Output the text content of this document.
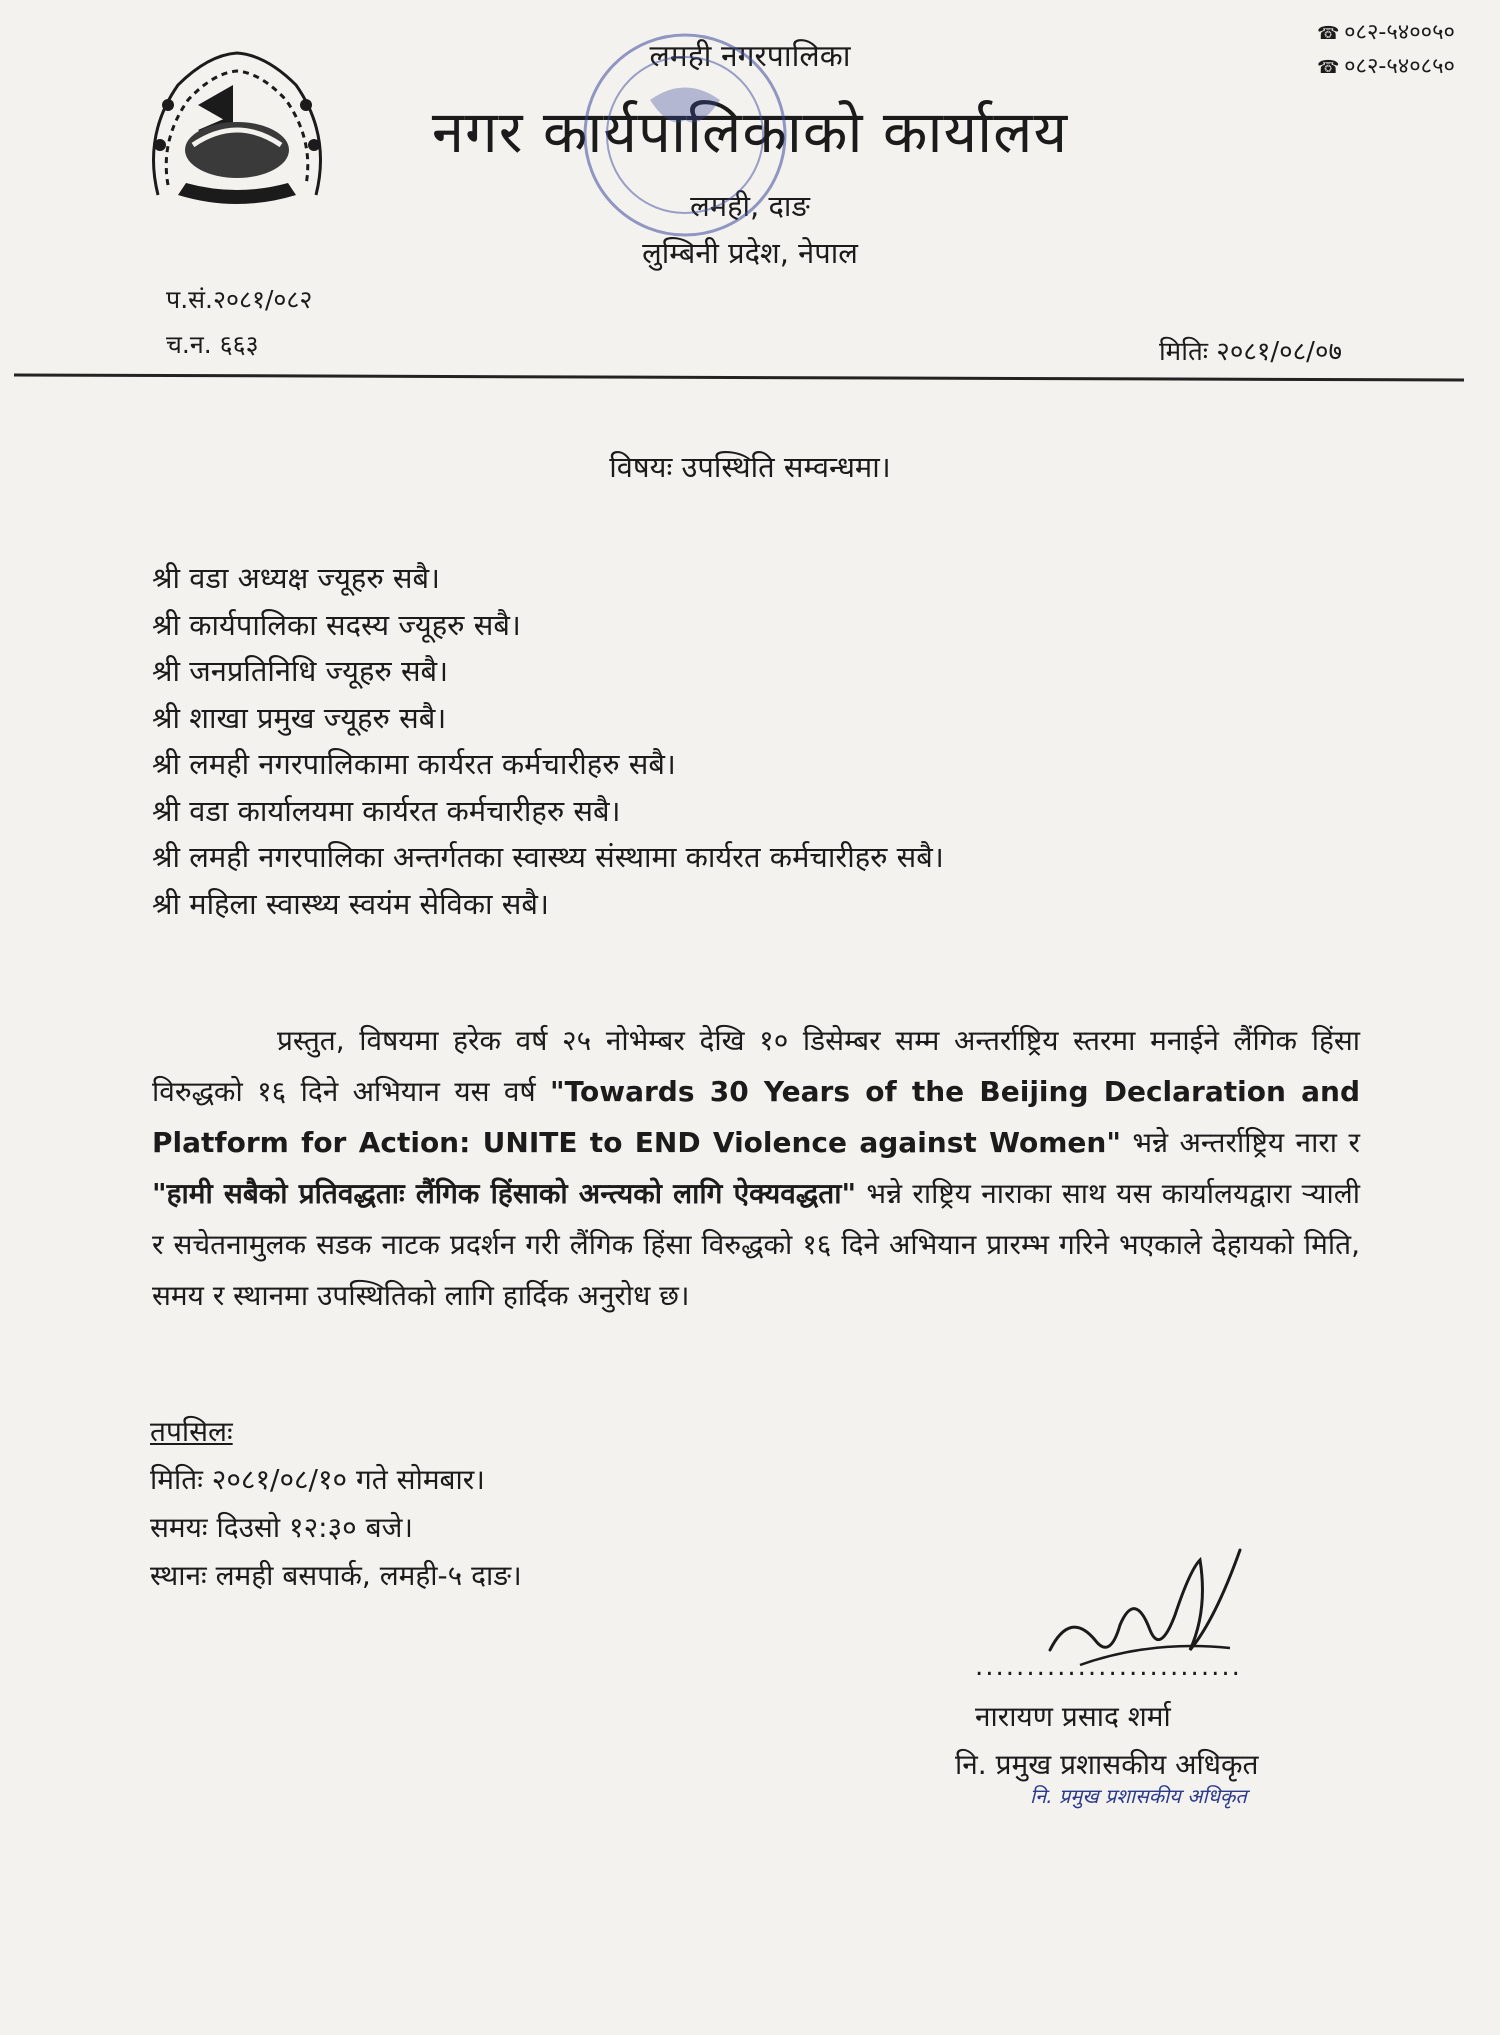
लमही नगरपालिका
नगर कार्यपालिकाको कार्यालय
लमही, दाङ
लुम्बिनी प्रदेश, नेपाल
☎ ०८२-५४००५०
☎ ०८२-५४०८५०
प.सं.२०८१/०८२
च.न. ६६३	मितिः २०८१/०८/०७
विषयः उपस्थिति सम्वन्धमा।
श्री वडा अध्यक्ष ज्यूहरु सबै।
श्री कार्यपालिका सदस्य ज्यूहरु सबै।
श्री जनप्रतिनिधि ज्यूहरु सबै।
श्री शाखा प्रमुख ज्यूहरु सबै।
श्री लमही नगरपालिकामा कार्यरत कर्मचारीहरु सबै।
श्री वडा कार्यालयमा कार्यरत कर्मचारीहरु सबै।
श्री लमही नगरपालिका अन्तर्गतका स्वास्थ्य संस्थामा कार्यरत कर्मचारीहरु सबै।
श्री महिला स्वास्थ्य स्वयंम सेविका सबै।
प्रस्तुत, विषयमा हरेक वर्ष २५ नोभेम्बर देखि १० डिसेम्बर सम्म अन्तर्राष्ट्रिय स्तरमा मनाईने लैंगिक हिंसा विरुद्धको १६ दिने अभियान यस वर्ष "Towards 30 Years of the Beijing Declaration and Platform for Action: UNITE to END Violence against Women" भन्ने अन्तर्राष्ट्रिय नारा र "हामी सबैको प्रतिवद्धताः लैंगिक हिंसाको अन्त्यको लागि ऐक्यवद्धता" भन्ने राष्ट्रिय नाराका साथ यस कार्यालयद्वारा र्‍याली र सचेतनामुलक सडक नाटक प्रदर्शन गरी लैंगिक हिंसा विरुद्धको १६ दिने अभियान प्रारम्भ गरिने भएकाले देहायको मिति, समय र स्थानमा उपस्थितिको लागि हार्दिक अनुरोध छ।
तपसिलः
मितिः २०८१/०८/१० गते सोमबार।
समयः दिउसो १२:३० बजे।
स्थानः लमही बसपार्क, लमही-५ दाङ।
..........................
नारायण प्रसाद शर्मा
नि. प्रमुख प्रशासकीय अधिकृत
नि. प्रमुख प्रशासकीय अधिकृत
